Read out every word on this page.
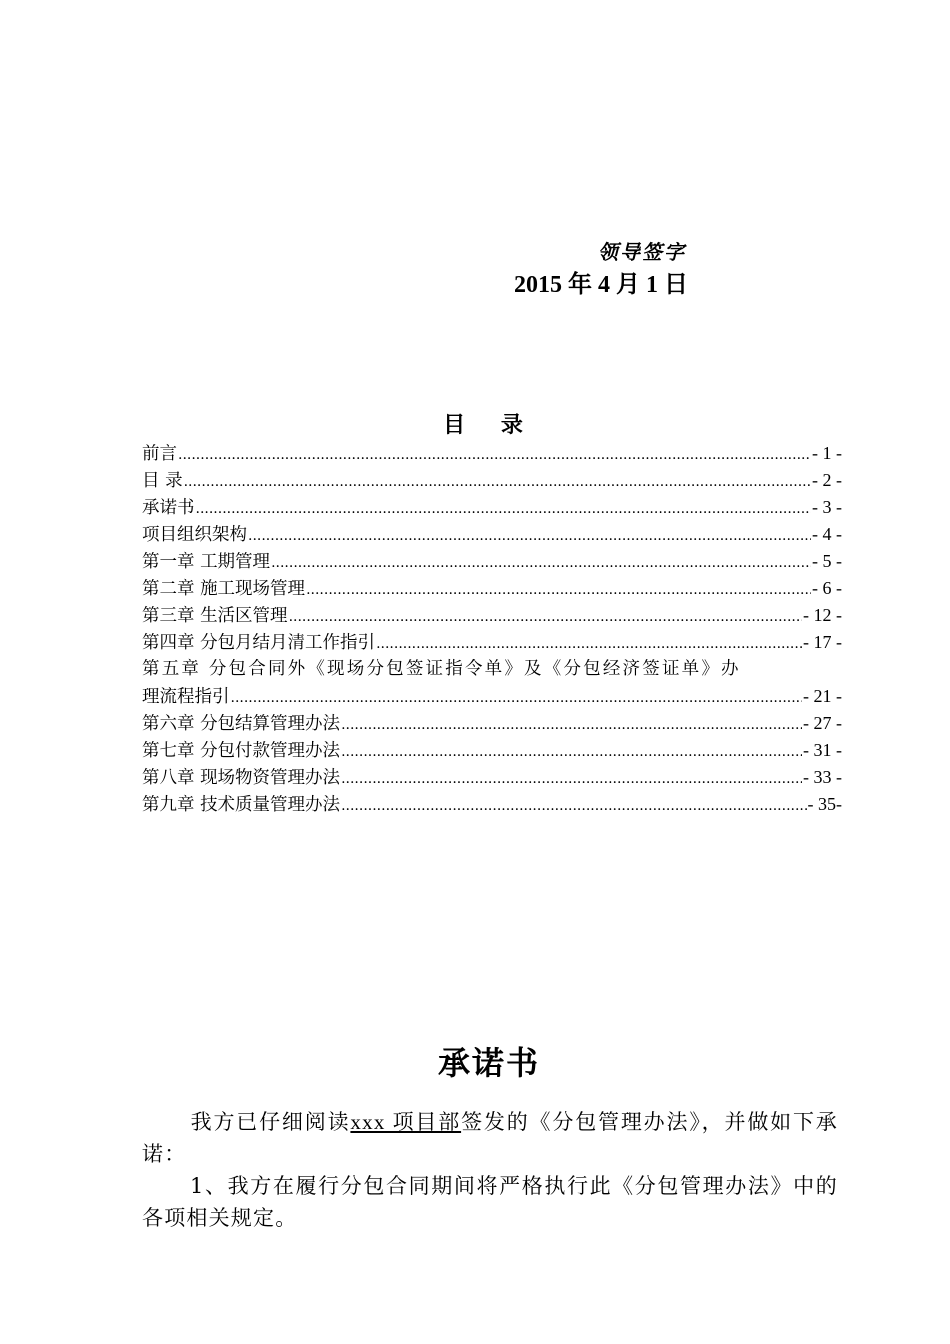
领导签字
2015 年 4 月 1 日
目 录
前言 .....	- 1 -
目 录 .....	- 2 -
承诺书 .....	- 3 -
项目组织架构 .....	- 4 -
第一章 工期管理 .....	- 5 -
第二章 施工现场管理 .....	- 6 -
第三章 生活区管理 .....	- 12 -
第四章 分包月结月清工作指引 .....	- 17 -
第五章 分包合同外《现场分包签证指令单》及《分包经济签证单》办
理流程指引 .....	- 21 -
第六章 分包结算管理办法 .....	- 27 -
第七章 分包付款管理办法 .....	- 31 -
第八章 现场物资管理办法 .....	- 33 -
第九章 技术质量管理办法 .....	- 35-
承诺书

我方已仔细阅读xxx 项目部签发的《分包管理办法》，并做如下承诺：

1、我方在履行分包合同期间将严格执行此《分包管理办法》中的各项相关规定。
